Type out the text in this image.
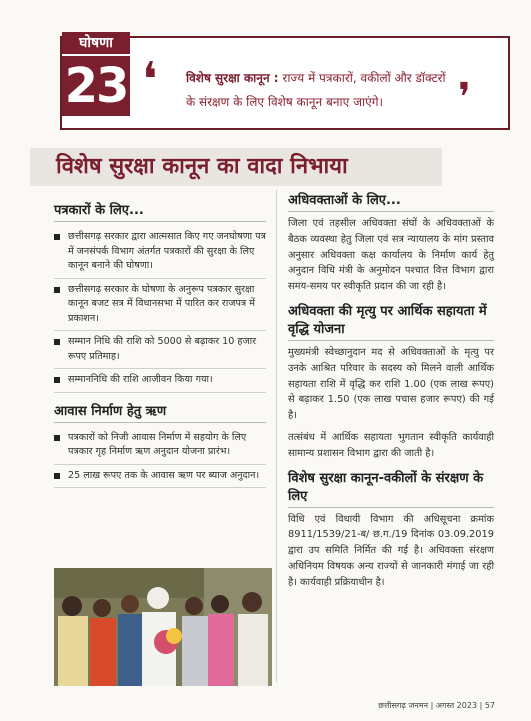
घोषणा
23 ❛	❜
विशेष सुरक्षा कानून : राज्य में पत्रकारों, वकीलों और डॉक्टरों
के संरक्षण के लिए विशेष कानून बनाए जाएंगे।
विशेष सुरक्षा कानून का वादा निभाया
पत्रकारों के लिए...
छत्तीसगढ़ सरकार द्वारा आत्मसात किए गए जनघोषणा पत्र में जनसंपर्क विभाग अंतर्गत पत्रकारों की सुरक्षा के लिए कानून बनाने की घोषणा।
छत्तीसगढ़ सरकार के घोषणा के अनुरूप पत्रकार सुरक्षा कानून बजट सत्र में विधानसभा में पारित कर राजपत्र में प्रकाशन।
सम्मान निधि की राशि को 5000 से बढ़ाकर 10 हजार रूपए प्रतिमाह।
सम्माननिधि की राशि आजीवन किया गया।
आवास निर्माण हेतु ऋण
पत्रकारों को निजी आवास निर्माण में सहयोग के लिए पत्रकार गृह निर्माण ऋण अनुदान योजना प्रारंभ।
25 लाख रूपए तक के आवास ऋण पर ब्याज अनुदान।
अधिवक्ताओं के लिए...
जिला एवं तहसील अधिवक्ता संघों के अधिवक्ताओं के बैठक व्यवस्था हेतु जिला एवं सत्र न्यायालय के मांग प्रस्ताव अनुसार अधिवक्ता कक्ष कार्यालय के निर्माण कार्य हेतु अनुदान विधि मंत्री के अनुमोदन पश्चात वित्त विभाग द्वारा समय-समय पर स्वीकृति प्रदान की जा रही है।
अधिवक्ता की मृत्यु पर आर्थिक सहायता में वृद्धि योजना
मुख्यमंत्री स्वेच्छानुदान मद से अधिवक्ताओं के मृत्यु पर उनके आश्रित परिवार के सदस्य को मिलने वाली आर्थिक सहायता राशि में वृद्धि कर राशि 1.00 (एक लाख रूपए) से बढ़ाकर 1.50 (एक लाख पचास हजार रूपए) की गई है।
तत्संबंध में आर्थिक सहायता भुगतान स्वीकृति कार्यवाही सामान्य प्रशासन विभाग द्वारा की जाती है।
विशेष सुरक्षा कानून-वकीलों के संरक्षण के लिए
विधि एवं विधायी विभाग की अधिसूचना क्रमांक 8911/1539/21-ब/ छ.ग./19 दिनांक 03.09.2019 द्वारा उप समिति निर्मित की गई है। अधिवक्ता संरक्षण अधिनियम विषयक अन्य राज्यों से जानकारी मंगाई जा रही है। कार्यवाही प्रक्रियाधीन है।
छत्तीसगढ़ जनमन | अगस्त 2023 | 57
